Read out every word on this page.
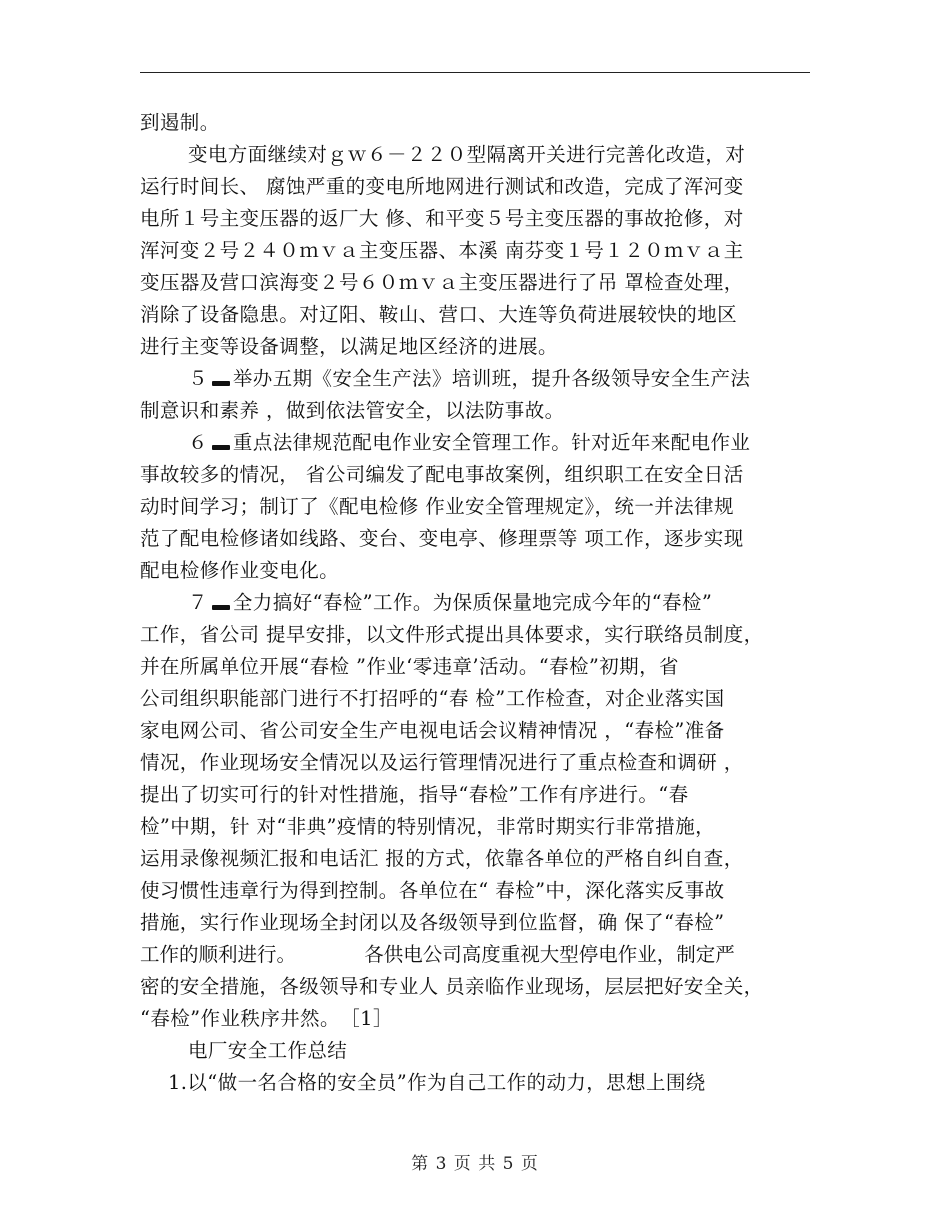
到遏制。
变电方面继续对ｇｗ６－２２０型隔离开关进行完善化改造，对
运行时间长、 腐蚀严重的变电所地网进行测试和改造，完成了浑河变
电所１号主变压器的返厂大 修、和平变５号主变压器的事故抢修，对
浑河变２号２４０ｍｖａ主变压器、本溪 南芬变１号１２０ｍｖａ主
变压器及营口滨海变２号６０ｍｖａ主变压器进行了吊 罩检查处理，
消除了设备隐患。对辽阳、鞍山、营口、大连等负荷进展较快的地区
进行主变等设备调整，以满足地区经济的进展。
５ 举办五期《安全生产法》培训班，提升各级领导安全生产法
制意识和素养 ，做到依法管安全，以法防事故。
６ 重点法律规范配电作业安全管理工作。针对近年来配电作业
事故较多的情况， 省公司编发了配电事故案例，组织职工在安全日活
动时间学习；制订了《配电检修 作业安全管理规定》，统一并法律规
范了配电检修诸如线路、变台、变电亭、修理票等 项工作，逐步实现
配电检修作业变电化。
７ 全力搞好“春检”工作。为保质保量地完成今年的“春检”
工作，省公司 提早安排，以文件形式提出具体要求，实行联络员制度，
并在所属单位开展“春检 ”作业‘零违章’活动。“春检”初期，省
公司组织职能部门进行不打招呼的“春 检”工作检查，对企业落实国
家电网公司、省公司安全生产电视电话会议精神情况 ，“春检”准备
情况，作业现场安全情况以及运行管理情况进行了重点检查和调研 ，
提出了切实可行的针对性措施，指导“春检”工作有序进行。“春
检”中期，针 对“非典”疫情的特别情况，非常时期实行非常措施，
运用录像视频汇报和电话汇 报的方式，依靠各单位的严格自纠自查，
使习惯性违章行为得到控制。各单位在“ 春检”中，深化落实反事故
措施，实行作业现场全封闭以及各级领导到位监督，确 保了“春检”
工作的顺利进行。　　　　各供电公司高度重视大型停电作业，制定严
密的安全措施，各级领导和专业人 员亲临作业现场，层层把好安全关，
“春检”作业秩序井然。　［1］
电厂安全工作总结
1.以“做一名合格的安全员”作为自己工作的动力，思想上围绕
第 3 页 共 5 页
